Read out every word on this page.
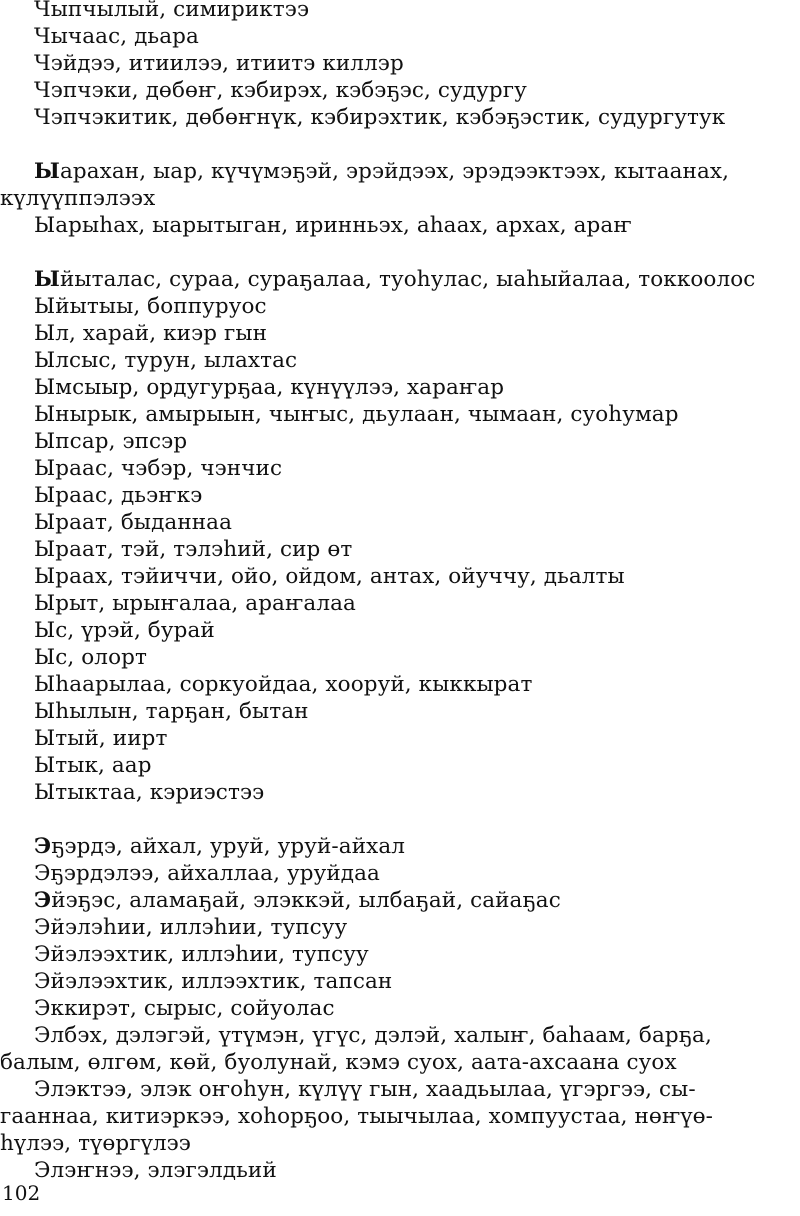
Чыпчылый, симириктээ
Чычаас, дьара
Чэйдээ, итиилээ, итиитэ киллэр
Чэпчэки, дөбөҥ, кэбирэх, кэбэҕэс, судургу
Чэпчэкитик, дөбөҥнүк, кэбирэхтик, кэбэҕэстик, судургутук
Ыарахан, ыар, күчүмэҕэй, эрэйдээх, эрэдээктээх, кытаанах,
күлүүппэлээх
Ыарыһах, ыарытыган, иринньэх, аһаах, архах, араҥ
Ыйыталас, сураа, сураҕалаа, туоһулас, ыаһыйалаа, токкоолос
Ыйытыы, боппуруос
Ыл, харай, киэр гын
Ылсыс, турун, ылахтас
Ымсыыр, ордугурҕаа, күнүүлээ, хараҥар
Ынырык, амырыын, чыҥыс, дьулаан, чымаан, суоһумар
Ыпсар, эпсэр
Ыраас, чэбэр, чэнчис
Ыраас, дьэҥкэ
Ыраат, быданнаа
Ыраат, тэй, тэлэһий, сир өт
Ыраах, тэйиччи, ойо, ойдом, антах, ойуччу, дьалты
Ырыт, ырыҥалаа, араҥалаа
Ыс, үрэй, бурай
Ыс, олорт
Ыһаарылаа, соркуойдаа, хооруй, кыккырат
Ыһылын, тарҕан, бытан
Ытый, иирт
Ытык, аар
Ытыктаа, кэриэстээ
Эҕэрдэ, айхал, уруй, уруй-айхал
Эҕэрдэлээ, айхаллаа, уруйдаа
Эйэҕэс, аламаҕай, элэккэй, ылбаҕай, сайаҕас
Эйэлэһии, иллэһии, тупсуу
Эйэлээхтик, иллэһии, тупсуу
Эйэлээхтик, иллээхтик, тапсан
Эккирэт, сырыс, сойуолас
Элбэх, дэлэгэй, үтүмэн, үгүс, дэлэй, халыҥ, баһаам, барҕа,
балым, өлгөм, көй, буолунай, кэмэ суох, аата-ахсаана суох
Элэктээ, элэк оҥоһун, күлүү гын, хаадьылаа, үгэргээ, сы-
гааннаа, китиэркээ, хоһорҕоо, тыычылаа, хомпуустаа, нөҥүө-
һүлээ, түөргүлээ
Элэҥнээ, элэгэлдьий
102
